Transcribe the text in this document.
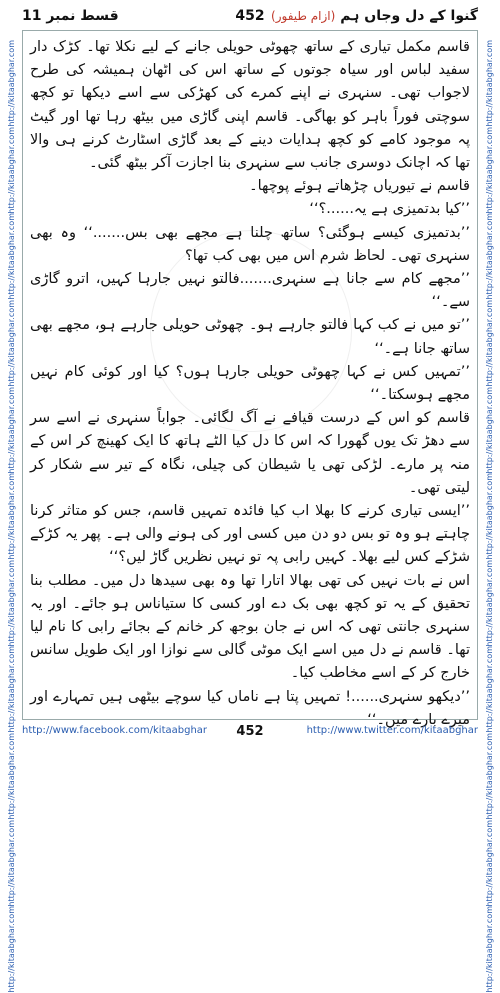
گنوا کے دل وجاں ہم (ازام طیفور)
452
قسط نمبر 11
http://kitaabghar.com
http://kitaabghar.com
http://kitaabghar.com
http://kitaabghar.com
http://kitaabghar.com
http://kitaabghar.com
http://kitaabghar.com
http://kitaabghar.com
http://kitaabghar.com
http://kitaabghar.com
http://kitaabghar.com
http://kitaabghar.com
http://kitaabghar.com
http://kitaabghar.com
http://kitaabghar.com
http://kitaabghar.com
http://kitaabghar.com
http://kitaabghar.com
http://kitaabghar.com
http://kitaabghar.com
http://kitaabghar.com
http://kitaabghar.com

قاسم مکمل تیاری کے ساتھ چھوٹی حویلی جانے کے لیے نکلا تھا۔ کڑک دار سفید لباس اور سیاہ جوتوں کے ساتھ اس کی اٹھان ہمیشہ کی طرح لاجواب تھی۔ سنہری نے اپنے کمرے کی کھڑکی سے اسے دیکھا تو کچھ سوچتی فوراً باہر کو بھاگی۔ قاسم اپنی گاڑی میں بیٹھ رہا تھا اور گیٹ پہ موجود کامے کو کچھ ہدایات دینے کے بعد گاڑی اسٹارٹ کرنے ہی والا تھا کہ اچانک دوسری جانب سے سنہری بنا اجازت آکر بیٹھ گئی۔

قاسم نے تیوریاں چڑھاتے ہوئے پوچھا۔

’’کیا بدتمیزی ہے یہ......؟‘‘

’’بدتمیزی کیسے ہوگئی؟ ساتھ چلنا ہے مجھے بھی بس.......‘‘ وہ بھی سنہری تھی۔ لحاظ شرم اس میں بھی کب تھا؟

’’مجھے کام سے جانا ہے سنہری.......فالتو نہیں جارہا کہیں، اترو گاڑی سے۔‘‘

’’تو میں نے کب کہا فالتو جارہے ہو۔ چھوٹی حویلی جارہے ہو، مجھے بھی ساتھ جانا ہے۔‘‘

’’تمہیں کس نے کہا چھوٹی حویلی جارہا ہوں؟ کیا اور کوئی کام نہیں مجھے ہوسکتا۔‘‘

قاسم کو اس کے درست قیافے نے آگ لگائی۔ جواباً سنہری نے اسے سر سے دھڑ تک یوں گھورا کہ اس کا دل کیا الٹے ہاتھ کا ایک کھینچ کر اس کے منہ پر مارے۔ لڑکی تھی یا شیطان کی چیلی، نگاہ کے تیر سے شکار کر لیتی تھی۔

’’ایسی تیاری کرنے کا بھلا اب کیا فائدہ تمہیں قاسم، جس کو متاثر کرنا چاہتے ہو وہ تو بس دو دن میں کسی اور کی ہونے والی ہے۔ پھر یہ کڑکے شڑکے کس لیے بھلا۔ کہیں رابی پہ تو نہیں نظریں گاڑ لیں؟‘‘

اس نے بات نہیں کی تھی بھالا اتارا تھا وہ بھی سیدھا دل میں۔ مطلب بنا تحقیق کے یہ تو کچھ بھی بک دے اور کسی کا ستیاناس ہو جائے۔ اور یہ سنہری جانتی تھی کہ اس نے جان بوجھ کر خانم کے بجائے رابی کا نام لیا تھا۔ قاسم نے دل میں اسے ایک موٹی گالی سے نوازا اور ایک طویل سانس خارج کر کے اسے مخاطب کیا۔

’’دیکھو سنہری......! تمہیں پتا ہے ناماں کیا سوچے بیٹھی ہیں تمہارے اور میرے بارے میں۔‘‘

http://www.facebook.com/kitaabghar	452	http://www.twitter.com/kitaabghar
